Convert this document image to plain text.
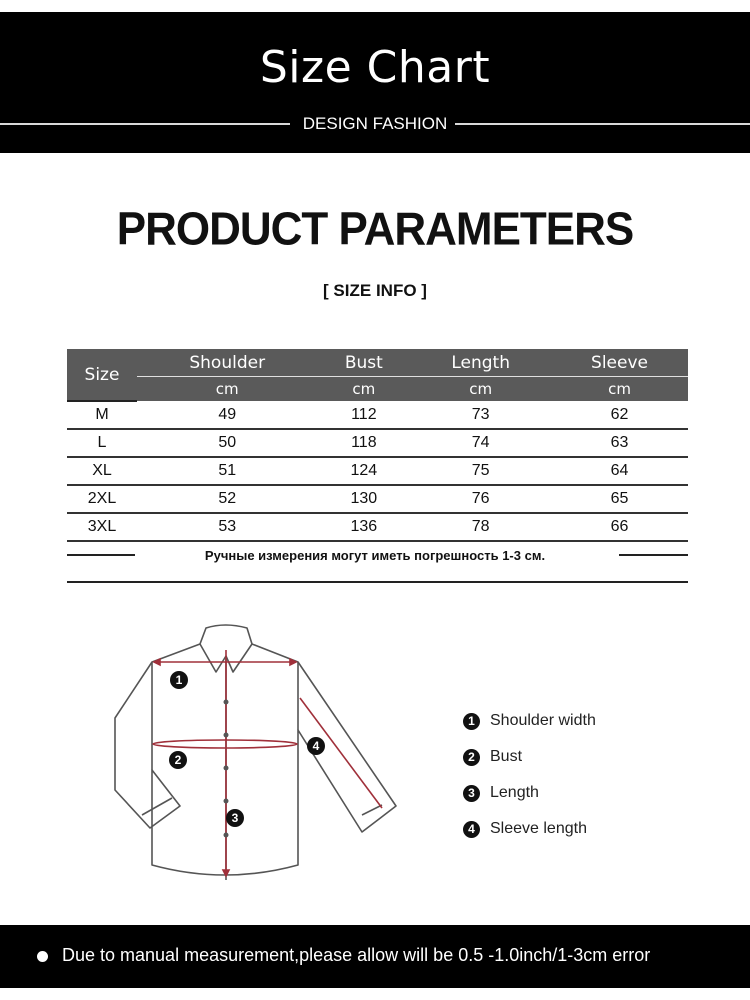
Size Chart
DESIGN FASHION
PRODUCT PARAMETERS
[ SIZE INFO ]
Size	Shoulder	Bust	Length	Sleeve
	cm	cm	cm	cm
M	49	112	73	62
L	50	118	74	63
XL	51	124	75	64
2XL	52	130	76	65
3XL	53	136	78	66
Ручные измерения могут иметь погрешность 1-3 см.
1
2
3
4
1 Shoulder width
2 Bust
3 Length
4 Sleeve length
Due to manual measurement,please allow will be 0.5 -1.0inch/1-3cm error
